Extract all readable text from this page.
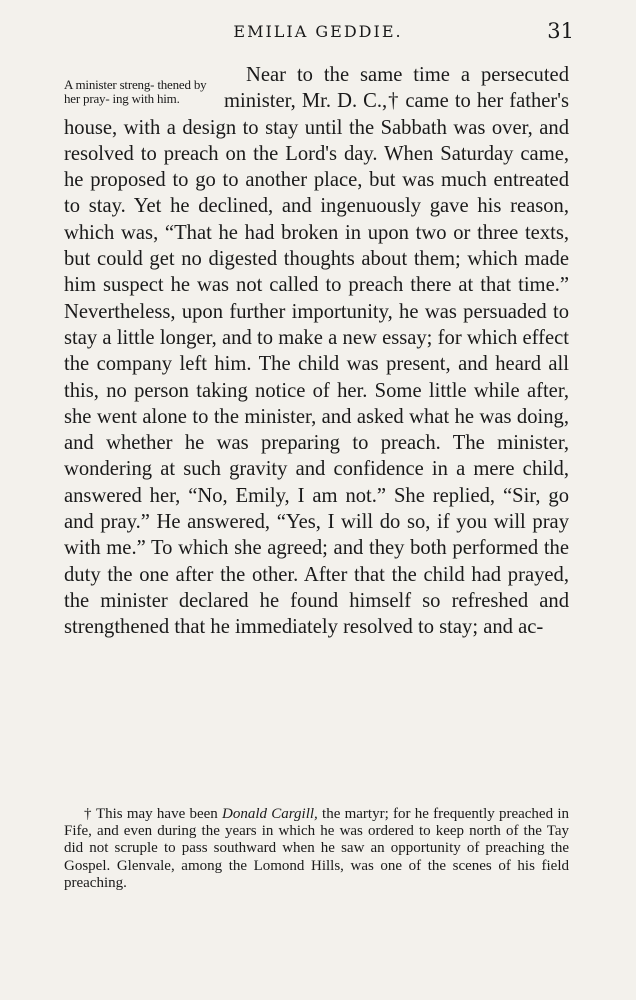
EMILIA GEDDIE.	31
A minister streng- thened by her pray- ing with him.

Near to the same time a persecuted minister, Mr. D. C.,† came to her father's house, with a design to stay until the Sabbath was over, and resolved to preach on the Lord's day. When Saturday came, he proposed to go to another place, but was much entreated to stay. Yet he declined, and ingenuously gave his reason, which was, “That he had broken in upon two or three texts, but could get no digested thoughts about them; which made him suspect he was not called to preach there at that time.” Nevertheless, upon further importunity, he was persuaded to stay a little longer, and to make a new essay; for which effect the company left him. The child was present, and heard all this, no person taking notice of her. Some little while after, she went alone to the minister, and asked what he was doing, and whether he was preparing to preach. The minister, wondering at such gravity and confidence in a mere child, answered her, “No, Emily, I am not.” She replied, “Sir, go and pray.” He answered, “Yes, I will do so, if you will pray with me.” To which she agreed; and they both performed the duty the one after the other. After that the child had prayed, the minister declared he found himself so refreshed and strengthened that he immediately resolved to stay; and ac-

† This may have been Donald Cargill, the martyr; for he frequently preached in Fife, and even during the years in which he was ordered to keep north of the Tay did not scruple to pass southward when he saw an opportunity of preaching the Gospel. Glenvale, among the Lomond Hills, was one of the scenes of his field preaching.
